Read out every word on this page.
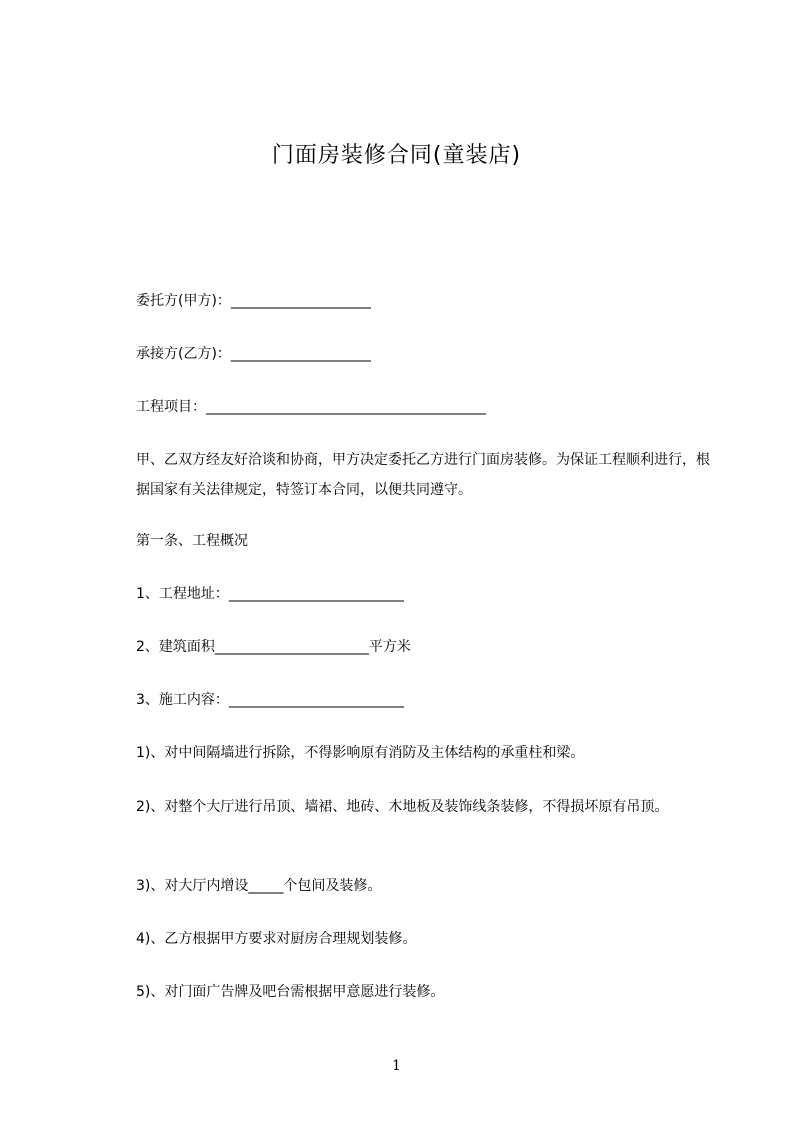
门面房装修合同(童装店)
委托方(甲方)：____________________
承接方(乙方)：____________________
工程项目：________________________________________
甲、乙双方经友好洽谈和协商，甲方决定委托乙方进行门面房装修。为保证工程顺利进行，根据国家有关法律规定，特签订本合同，以便共同遵守。
第一条、工程概况
1、工程地址：_________________________
2、建筑面积______________________平方米
3、施工内容：_________________________
1)、对中间隔墙进行拆除，不得影响原有消防及主体结构的承重柱和梁。
2)、对整个大厅进行吊顶、墙裙、地砖、木地板及装饰线条装修，不得损坏原有吊顶。
3)、对大厅内增设_____个包间及装修。
4)、乙方根据甲方要求对厨房合理规划装修。
5)、对门面广告牌及吧台需根据甲意愿进行装修。
1
